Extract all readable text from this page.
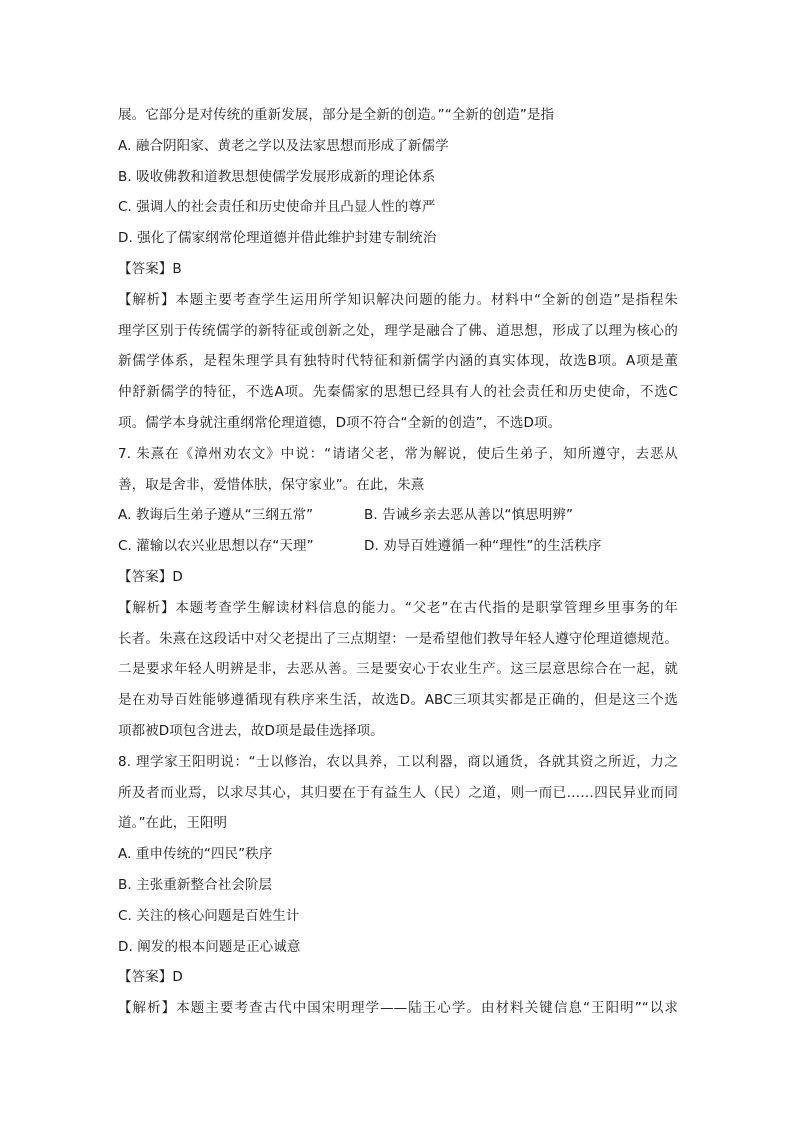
展。它部分是对传统的重新发展，部分是全新的创造。”“全新的创造”是指
A. 融合阴阳家、黄老之学以及法家思想而形成了新儒学
B. 吸收佛教和道教思想使儒学发展形成新的理论体系
C. 强调人的社会责任和历史使命并且凸显人性的尊严
D. 强化了儒家纲常伦理道德并借此维护封建专制统治
【答案】B
【解析】本题主要考查学生运用所学知识解决问题的能力。材料中“全新的创造”是指程朱
理学区别于传统儒学的新特征或创新之处，理学是融合了佛、道思想，形成了以理为核心的
新儒学体系，是程朱理学具有独特时代特征和新儒学内涵的真实体现，故选B项。A项是董
仲舒新儒学的特征，不选A项。先秦儒家的思想已经具有人的社会责任和历史使命，不选C
项。儒学本身就注重纲常伦理道德，D项不符合“全新的创造”，不选D项。
7. 朱熹在《漳州劝农文》中说：“请诸父老，常为解说，使后生弟子，知所遵守，去恶从
善，取是舍非，爱惜体肤，保守家业”。在此，朱熹
A. 教诲后生弟子遵从“三纲五常”	B. 告诫乡亲去恶从善以“慎思明辨”
C. 灌输以农兴业思想以存“天理”	D. 劝导百姓遵循一种“理性”的生活秩序
【答案】D
【解析】本题考查学生解读材料信息的能力。“父老”在古代指的是职掌管理乡里事务的年
长者。朱熹在这段话中对父老提出了三点期望：一是希望他们教导年轻人遵守伦理道德规范。
二是要求年轻人明辨是非，去恶从善。三是要安心于农业生产。这三层意思综合在一起，就
是在劝导百姓能够遵循现有秩序来生活，故选D。ABC三项其实都是正确的，但是这三个选
项都被D项包含进去，故D项是最佳选择项。
8. 理学家王阳明说：“士以修治，农以具养，工以利器，商以通货，各就其资之所近，力之
所及者而业焉，以求尽其心，其归要在于有益生人（民）之道，则一而已……四民异业而同
道。”在此，王阳明
A. 重申传统的“四民”秩序
B. 主张重新整合社会阶层
C. 关注的核心问题是百姓生计
D. 阐发的根本问题是正心诚意
【答案】D
【解析】本题主要考查古代中国宋明理学——陆王心学。由材料关键信息“王阳明”“以求
